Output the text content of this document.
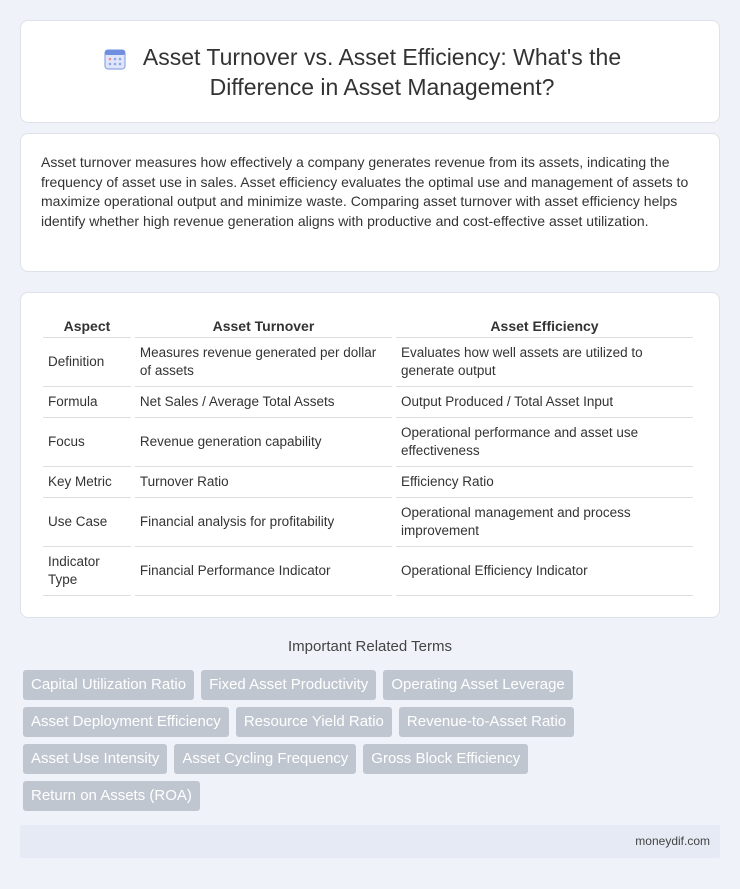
Asset Turnover vs. Asset Efficiency: What's the
Difference in Asset Management?

Asset turnover measures how effectively a company generates revenue from its assets, indicating the frequency of asset use in sales. Asset efficiency evaluates the optimal use and management of assets to maximize operational output and minimize waste. Comparing asset turnover with asset efficiency helps identify whether high revenue generation aligns with productive and cost-effective asset utilization.

Aspect	Asset Turnover	Asset Efficiency
Definition	Measures revenue generated per dollar of assets	Evaluates how well assets are utilized to generate output
Formula	Net Sales / Average Total Assets	Output Produced / Total Asset Input
Focus	Revenue generation capability	Operational performance and asset use effectiveness
Key Metric	Turnover Ratio	Efficiency Ratio
Use Case	Financial analysis for profitability	Operational management and process improvement
Indicator Type	Financial Performance Indicator	Operational Efficiency Indicator
Important Related Terms
Capital Utilization Ratio	Fixed Asset Productivity	Operating Asset Leverage
Asset Deployment Efficiency	Resource Yield Ratio	Revenue-to-Asset Ratio
Asset Use Intensity	Asset Cycling Frequency	Gross Block Efficiency
Return on Assets (ROA)
moneydif.com
